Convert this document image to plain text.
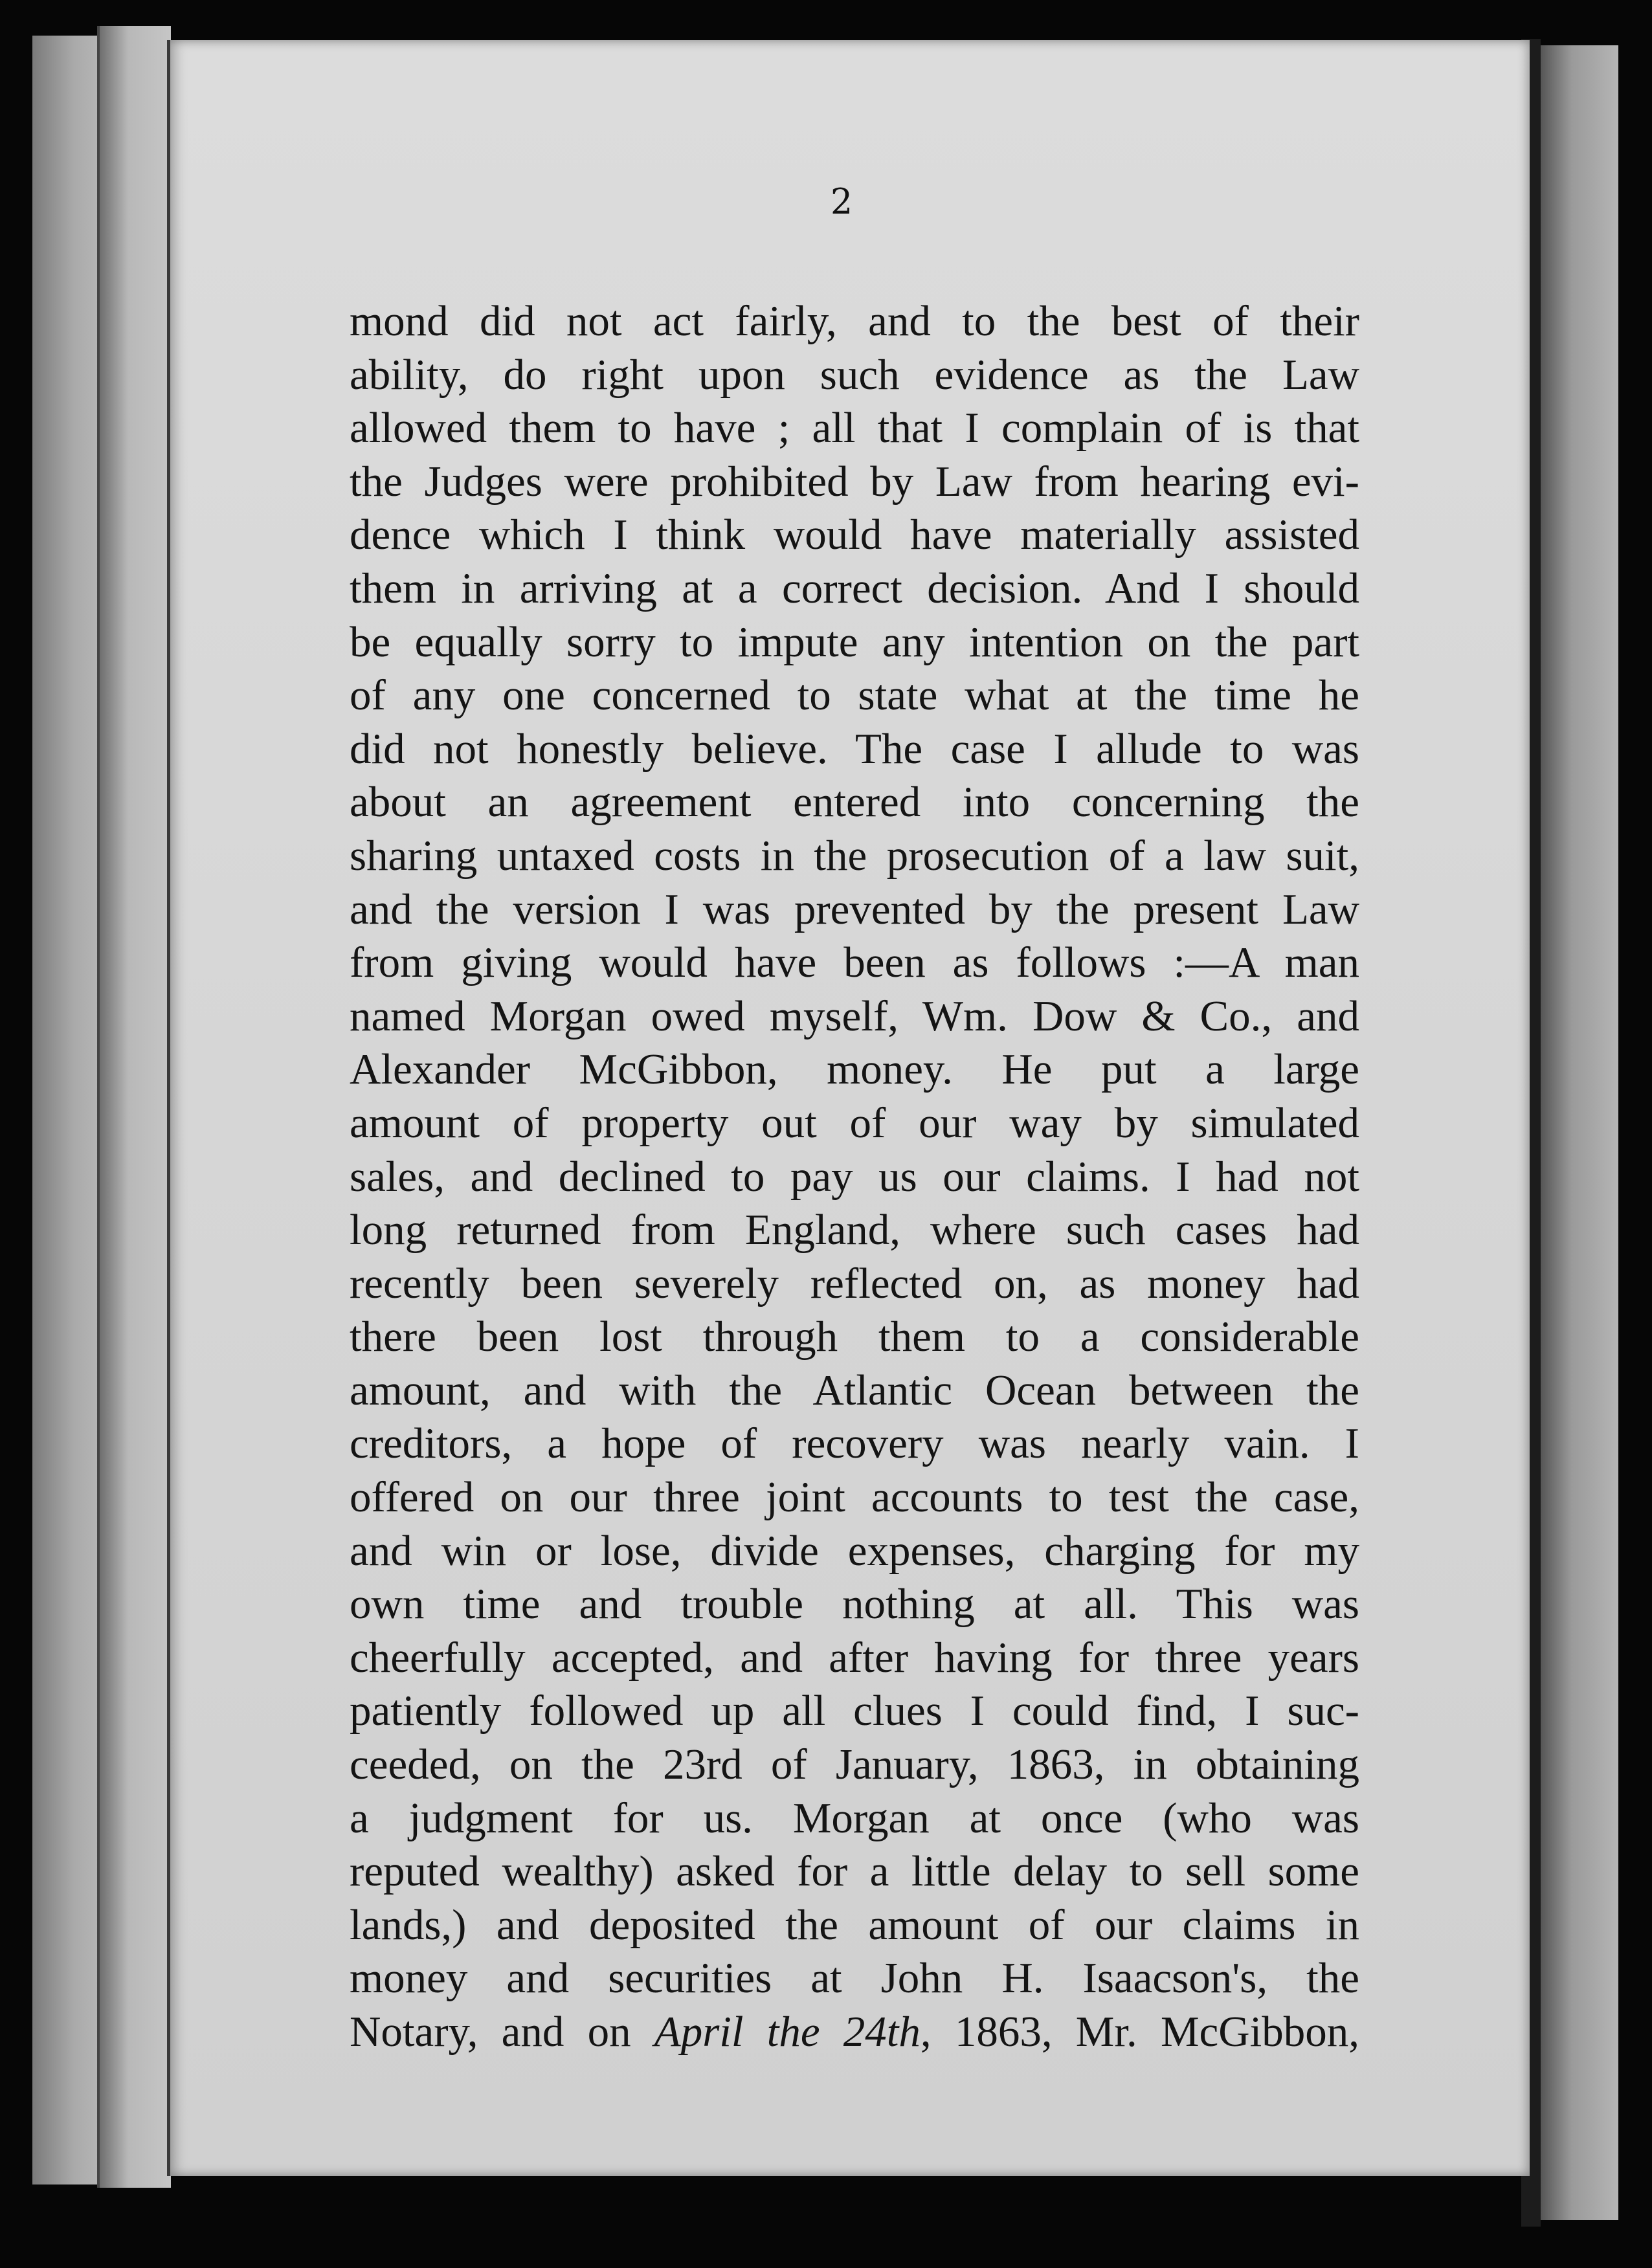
2
mond did not act fairly, and to the best of their
ability, do right upon such evidence as the Law
allowed them to have ; all that I complain of is that
the Judges were prohibited by Law from hearing evi-
dence which I think would have materially assisted
them in arriving at a correct decision. And I should
be equally sorry to impute any intention on the part
of any one concerned to state what at the time he
did not honestly believe. The case I allude to was
about an agreement entered into concerning the
sharing untaxed costs in the prosecution of a law suit,
and the version I was prevented by the present Law
from giving would have been as follows :—A man
named Morgan owed myself, Wm. Dow & Co., and
Alexander McGibbon, money. He put a large
amount of property out of our way by simulated
sales, and declined to pay us our claims. I had not
long returned from England, where such cases had
recently been severely reflected on, as money had
there been lost through them to a considerable
amount, and with the Atlantic Ocean between the
creditors, a hope of recovery was nearly vain. I
offered on our three joint accounts to test the case,
and win or lose, divide expenses, charging for my
own time and trouble nothing at all. This was
cheerfully accepted, and after having for three years
patiently followed up all clues I could find, I suc-
ceeded, on the 23rd of January, 1863, in obtaining
a judgment for us. Morgan at once (who was
reputed wealthy) asked for a little delay to sell some
lands,) and deposited the amount of our claims in
money and securities at John H. Isaacson's, the
Notary, and on April the 24th, 1863, Mr. McGibbon,
